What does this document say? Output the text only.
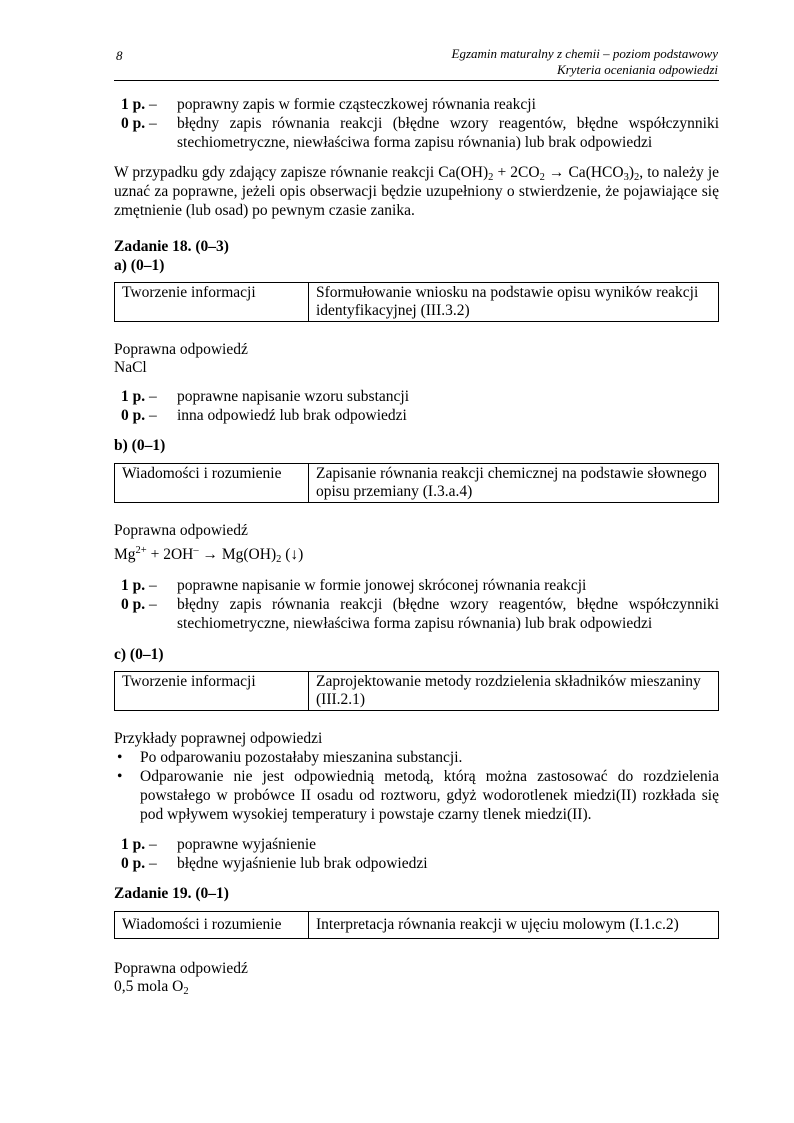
8	Egzamin maturalny z chemii – poziom podstawowy
Kryteria oceniania odpowiedzi
1 p. –	poprawny zapis w formie cząsteczkowej równania reakcji
0 p. –	błędny zapis równania reakcji (błędne wzory reagentów, błędne współczynniki stechiometryczne, niewłaściwa forma zapisu równania) lub brak odpowiedzi
W przypadku gdy zdający zapisze równanie reakcji $Ca(OH)_2 + 2CO_2 \to Ca(HCO_3)_2$, to należy je uznać za poprawne, jeżeli opis obserwacji będzie uzupełniony o stwierdzenie, że pojawiające się zmętnienie (lub osad) po pewnym czasie zanika.
Zadanie 18. (0–3)
a) (0–1)
Tworzenie informacji	Sformułowanie wniosku na podstawie opisu wyników reakcji identyfikacyjnej (III.3.2)
Poprawna odpowiedź
NaCl
1 p. –	poprawne napisanie wzoru substancji
0 p. –	inna odpowiedź lub brak odpowiedzi
b) (0–1)
Wiadomości i rozumienie	Zapisanie równania reakcji chemicznej na podstawie słownego opisu przemiany (I.3.a.4)
Poprawna odpowiedź
$Mg^{2+} + 2OH^- \to Mg(OH)_2$ (↓)
1 p. –	poprawne napisanie w formie jonowej skróconej równania reakcji
0 p. –	błędny zapis równania reakcji (błędne wzory reagentów, błędne współczynniki stechiometryczne, niewłaściwa forma zapisu równania) lub brak odpowiedzi
c) (0–1)
Tworzenie informacji	Zaprojektowanie metody rozdzielenia składników mieszaniny (III.2.1)
Przykłady poprawnej odpowiedzi
• Po odparowaniu pozostałaby mieszanina substancji.
• Odparowanie nie jest odpowiednią metodą, którą można zastosować do rozdzielenia powstałego w probówce II osadu od roztworu, gdyż wodorotlenek miedzi(II) rozkłada się pod wpływem wysokiej temperatury i powstaje czarny tlenek miedzi(II).
1 p. –	poprawne wyjaśnienie
0 p. –	błędne wyjaśnienie lub brak odpowiedzi
Zadanie 19. (0–1)
Wiadomości i rozumienie	Interpretacja równania reakcji w ujęciu molowym (I.1.c.2)
Poprawna odpowiedź
0,5 mola $O_2$
